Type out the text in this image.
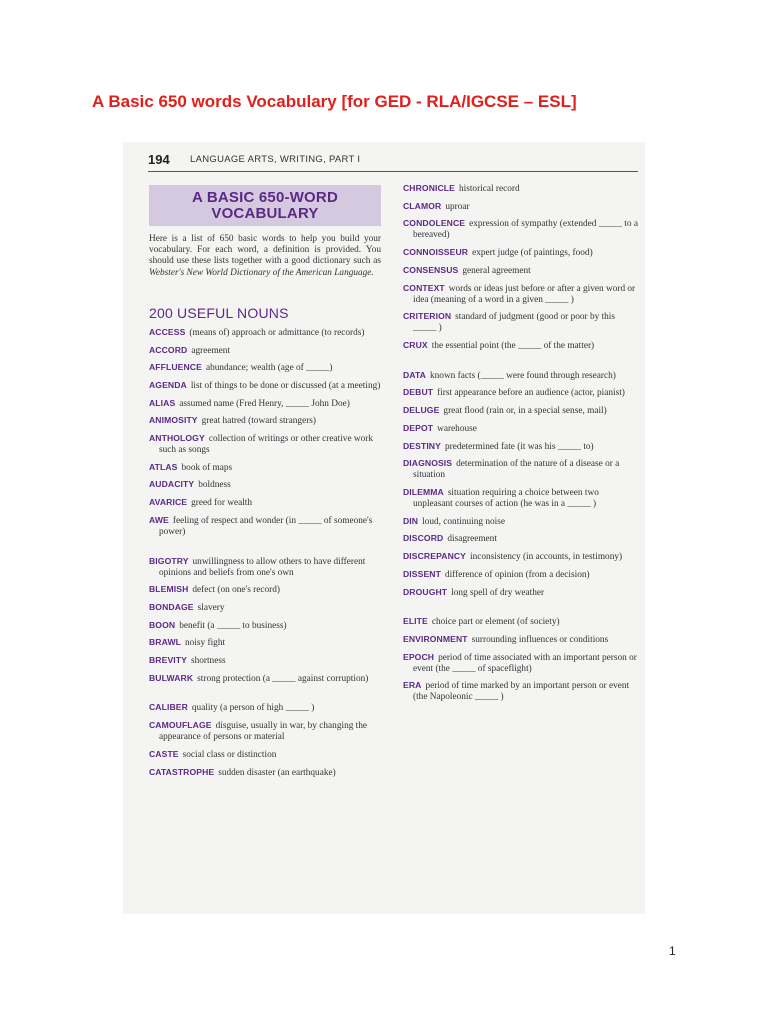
A Basic 650 words Vocabulary [for GED - RLA/IGCSE – ESL]
194 LANGUAGE ARTS, WRITING, PART I
A BASIC 650-WORD
VOCABULARY

Here is a list of 650 basic words to help you build your vocabulary. For each word, a definition is provided. You should use these lists together with a good dictionary such as Webster's New World Dictionary of the American Language.

200 USEFUL NOUNS
ACCESS (means of) approach or admittance (to records)
ACCORD agreement
AFFLUENCE abundance; wealth (age of _____)
AGENDA list of things to be done or discussed (at a meeting)
ALIAS assumed name (Fred Henry, _____ John Doe)
ANIMOSITY great hatred (toward strangers)
ANTHOLOGY collection of writings or other creative work such as songs
ATLAS book of maps
AUDACITY boldness
AVARICE greed for wealth
AWE feeling of respect and wonder (in _____ of someone's power)
BIGOTRY unwillingness to allow others to have different opinions and beliefs from one's own
BLEMISH defect (on one's record)
BONDAGE slavery
BOON benefit (a _____ to business)
BRAWL noisy fight
BREVITY shortness
BULWARK strong protection (a _____ against corruption)
CALIBER quality (a person of high _____ )
CAMOUFLAGE disguise, usually in war, by changing the appearance of persons or material
CASTE social class or distinction
CATASTROPHE sudden disaster (an earthquake)
CHRONICLE historical record
CLAMOR uproar
CONDOLENCE expression of sympathy (extended _____ to a bereaved)
CONNOISSEUR expert judge (of paintings, food)
CONSENSUS general agreement
CONTEXT words or ideas just before or after a given word or idea (meaning of a word in a given _____ )
CRITERION standard of judgment (good or poor by this _____ )
CRUX the essential point (the _____ of the matter)
DATA known facts (_____ were found through research)
DEBUT first appearance before an audience (actor, pianist)
DELUGE great flood (rain or, in a special sense, mail)
DEPOT warehouse
DESTINY predetermined fate (it was his _____ to)
DIAGNOSIS determination of the nature of a disease or a situation
DILEMMA situation requiring a choice between two unpleasant courses of action (he was in a _____ )
DIN loud, continuing noise
DISCORD disagreement
DISCREPANCY inconsistency (in accounts, in testimony)
DISSENT difference of opinion (from a decision)
DROUGHT long spell of dry weather
ELITE choice part or element (of society)
ENVIRONMENT surrounding influences or conditions
EPOCH period of time associated with an important person or event (the _____ of spaceflight)
ERA period of time marked by an important person or event (the Napoleonic _____ )
1
